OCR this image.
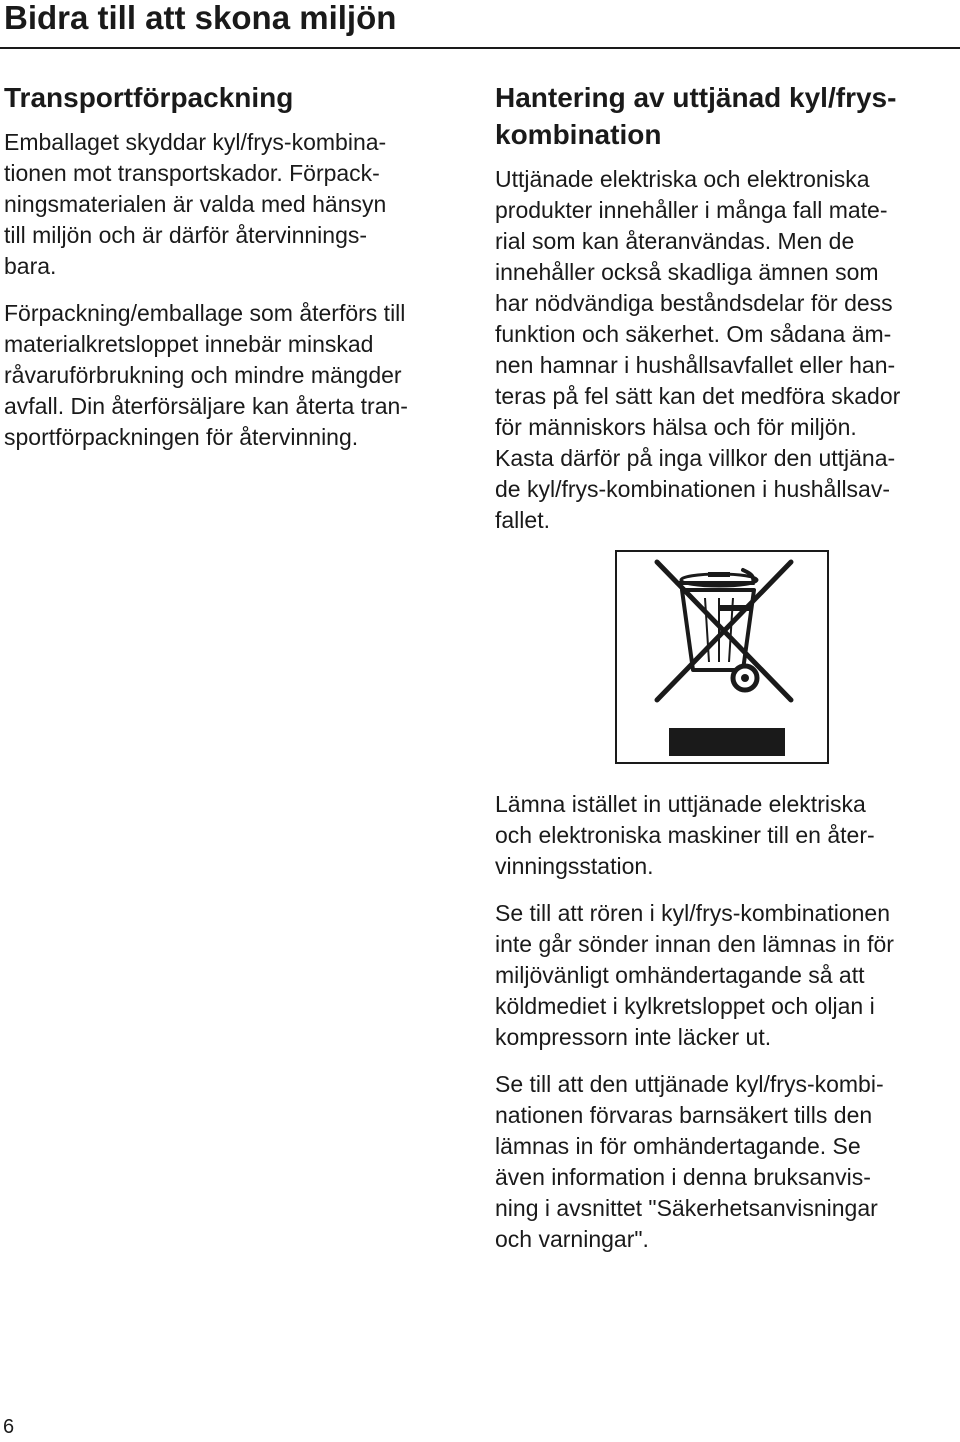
Bidra till att skona miljön
Transportförpackning

Emballaget skyddar kyl/frys-kombina-
tionen mot transportskador. Förpack-
ningsmaterialen är valda med hänsyn
till miljön och är därför återvinnings-
bara.

Förpackning/emballage som återförs till
materialkretsloppet innebär minskad
råvaruförbrukning och mindre mängder
avfall. Din återförsäljare kan återta tran-
sportförpackningen för återvinning.

Hantering av uttjänad kyl/frys-
kombination

Uttjänade elektriska och elektroniska
produkter innehåller i många fall mate-
rial som kan återanvändas. Men de
innehåller också skadliga ämnen som
har nödvändiga beståndsdelar för dess
funktion och säkerhet. Om sådana äm-
nen hamnar i hushållsavfallet eller han-
teras på fel sätt kan det medföra skador
för människors hälsa och för miljön.
Kasta därför på inga villkor den uttjäna-
de kyl/frys-kombinationen i hushållsav-
fallet.

Lämna istället in uttjänade elektriska
och elektroniska maskiner till en åter-
vinningsstation.

Se till att rören i kyl/frys-kombinationen
inte går sönder innan den lämnas in för
miljövänligt omhändertagande så att
köldmediet i kylkretsloppet och oljan i
kompressorn inte läcker ut.

Se till att den uttjänade kyl/frys-kombi-
nationen förvaras barnsäkert tills den
lämnas in för omhändertagande. Se
även information i denna bruksanvis-
ning i avsnittet "Säkerhetsanvisningar
och varningar".

6
